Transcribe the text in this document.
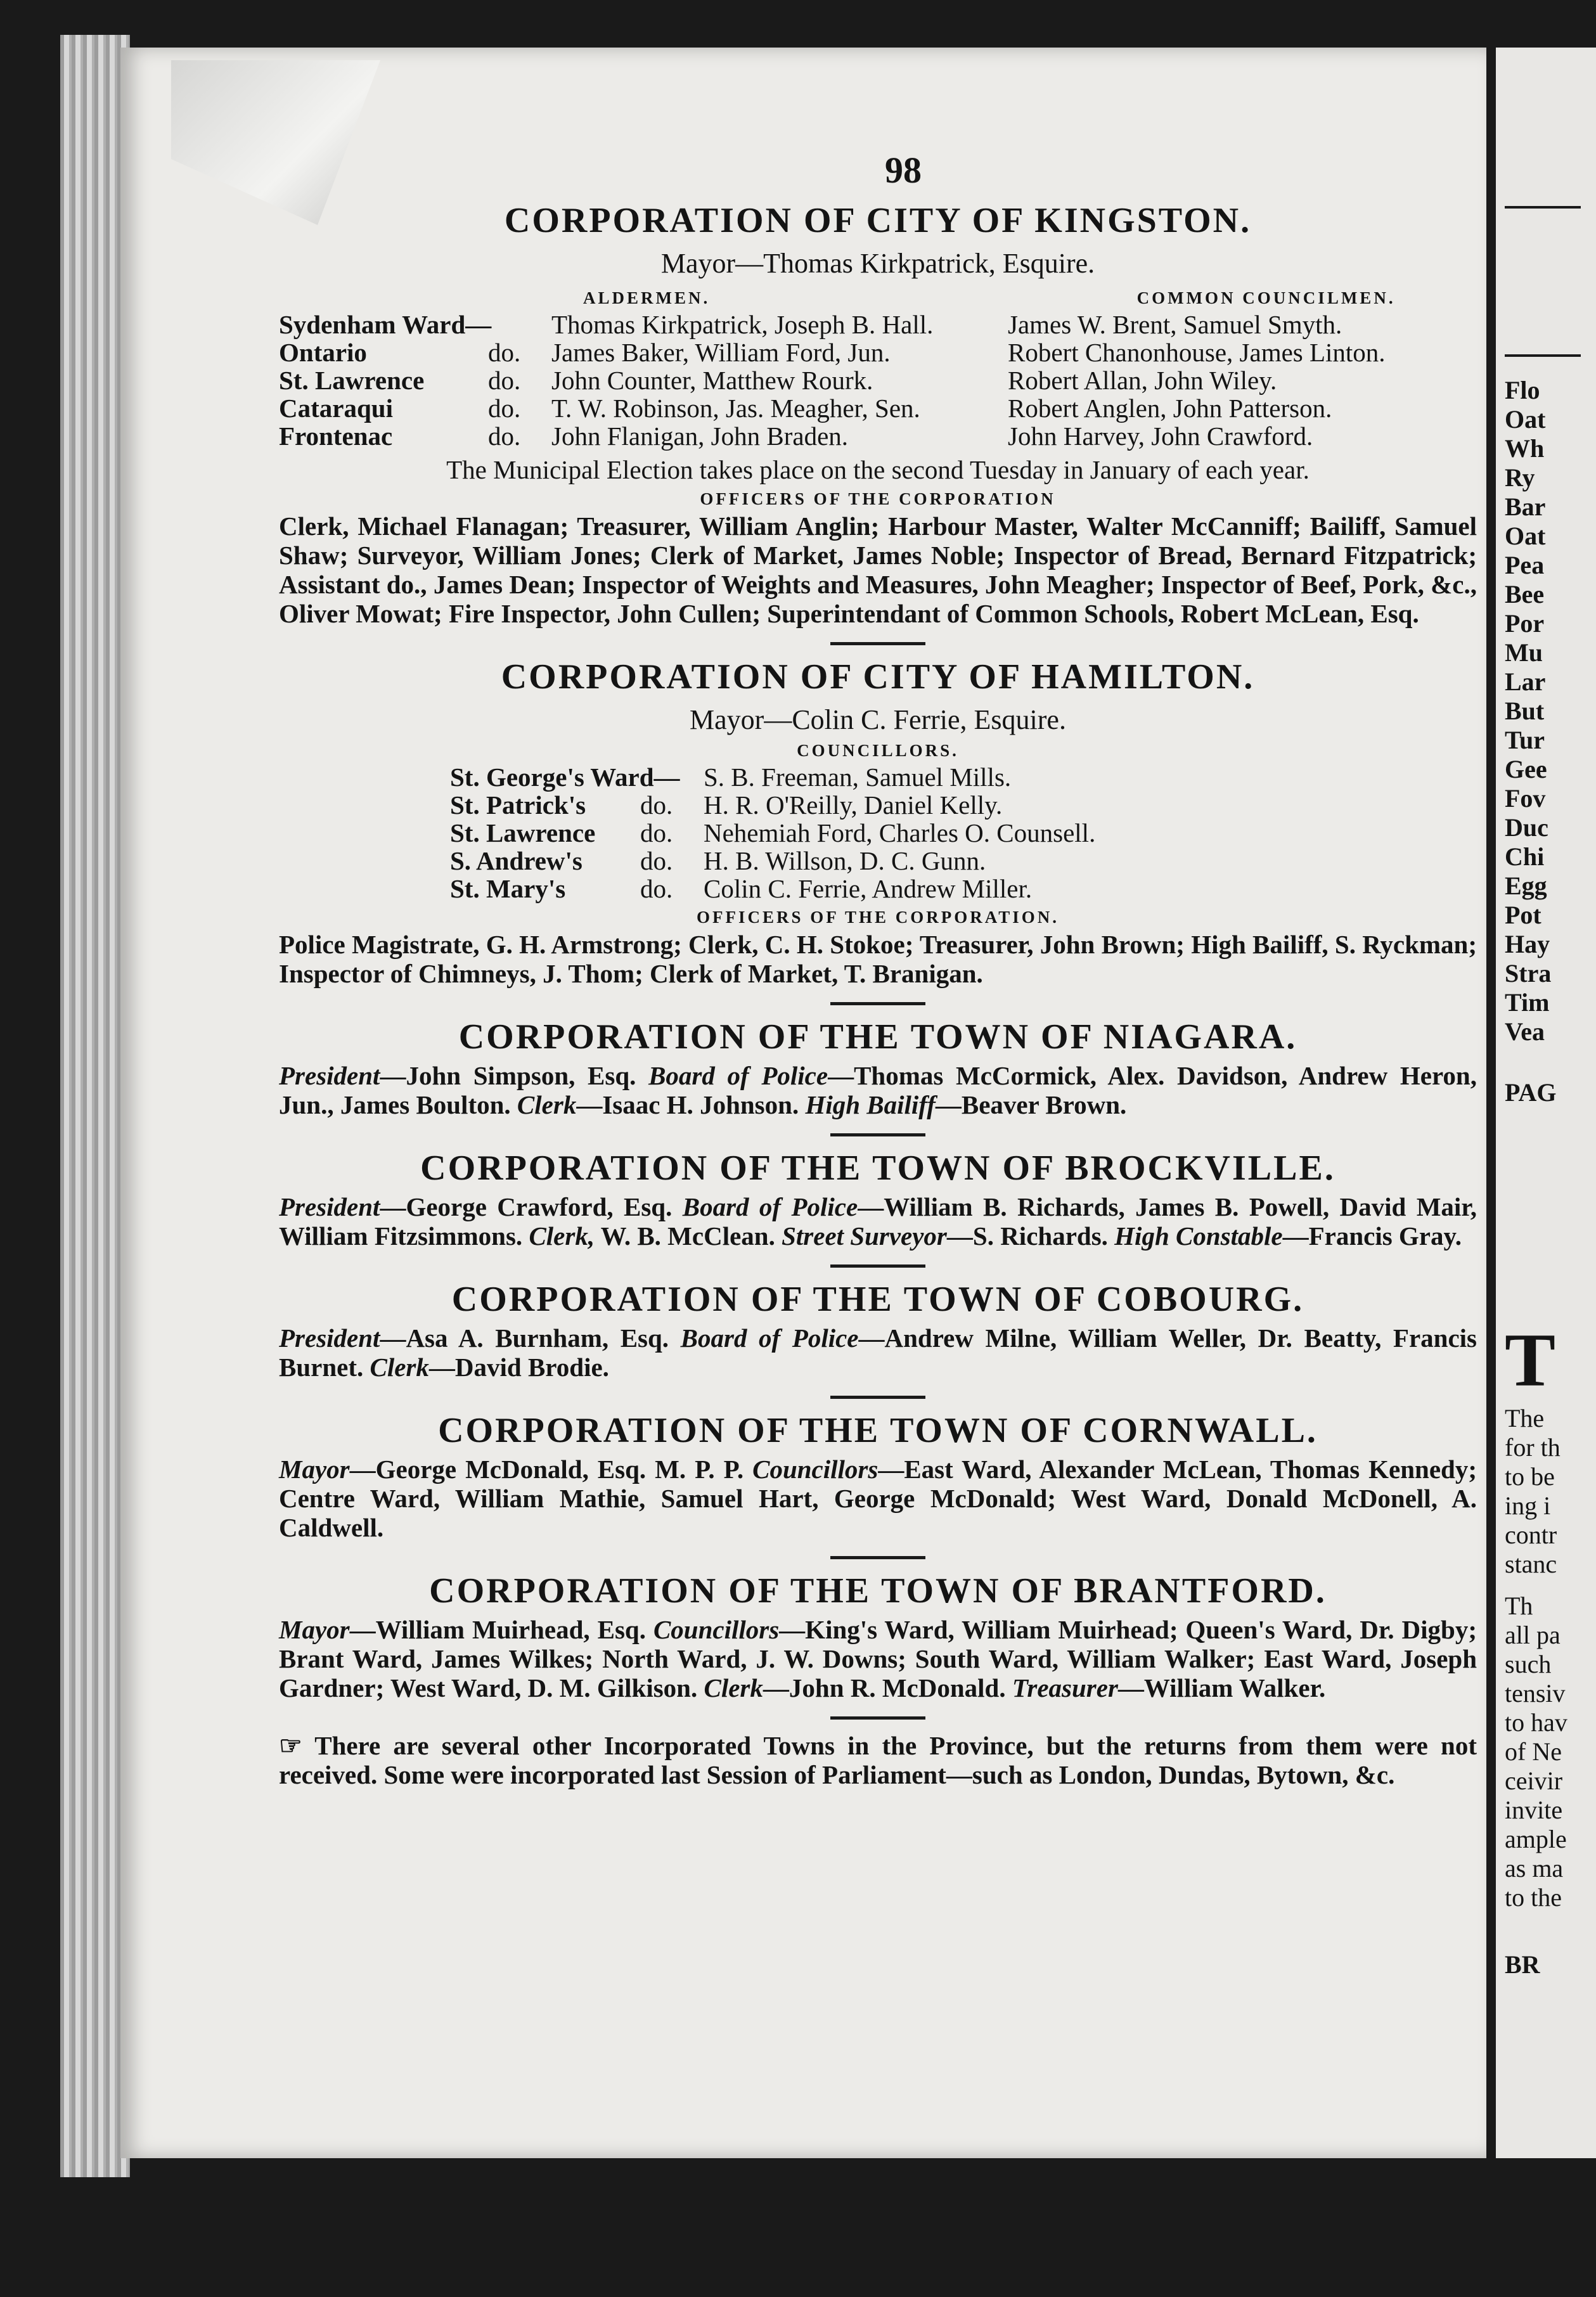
98
CORPORATION OF CITY OF KINGSTON.
Mayor—Thomas Kirkpatrick, Esquire.
ALDERMEN.	COMMON COUNCILMEN.
Sydenham Ward— Thomas Kirkpatrick, Joseph B. Hall.	James W. Brent, Samuel Smyth.
Ontario	do.	James Baker, William Ford, Jun.	Robert Chanonhouse, James Linton.
St. Lawrence	do.	John Counter, Matthew Rourk.	Robert Allan, John Wiley.
Cataraqui	do.	T. W. Robinson, Jas. Meagher, Sen.	Robert Anglen, John Patterson.
Frontenac	do.	John Flanigan, John Braden.	John Harvey, John Crawford.
The Municipal Election takes place on the second Tuesday in January of each year.
OFFICERS OF THE CORPORATION
Clerk, Michael Flanagan; Treasurer, William Anglin; Harbour Master, Walter McCanniff; Bailiff, Samuel Shaw; Surveyor, William Jones; Clerk of Market, James Noble; Inspector of Bread, Bernard Fitzpatrick; Assistant do., James Dean; Inspector of Weights and Measures, John Meagher; Inspector of Beef, Pork, &c., Oliver Mowat; Fire Inspector, John Cullen; Superintendant of Common Schools, Robert McLean, Esq.
CORPORATION OF CITY OF HAMILTON.
Mayor—Colin C. Ferrie, Esquire.
COUNCILLORS.
St. George's Ward— S. B. Freeman, Samuel Mills.
St. Patrick's	do.	H. R. O'Reilly, Daniel Kelly.
St. Lawrence	do.	Nehemiah Ford, Charles O. Counsell.
S. Andrew's	do.	H. B. Willson, D. C. Gunn.
St. Mary's	do.	Colin C. Ferrie, Andrew Miller.
OFFICERS OF THE CORPORATION.
Police Magistrate, G. H. Armstrong; Clerk, C. H. Stokoe; Treasurer, John Brown; High Bailiff, S. Ryckman; Inspector of Chimneys, J. Thom; Clerk of Market, T. Branigan.
CORPORATION OF THE TOWN OF NIAGARA.
President—John Simpson, Esq. Board of Police—Thomas McCormick, Alex. Davidson, Andrew Heron, Jun., James Boulton. Clerk—Isaac H. Johnson. High Bailiff—Beaver Brown.
CORPORATION OF THE TOWN OF BROCKVILLE.
President—George Crawford, Esq. Board of Police—William B. Richards, James B. Powell, David Mair, William Fitzsimmons. Clerk, W. B. McClean. Street Surveyor—S. Richards. High Constable—Francis Gray.
CORPORATION OF THE TOWN OF COBOURG.
President—Asa A. Burnham, Esq. Board of Police—Andrew Milne, William Weller, Dr. Beatty, Francis Burnet. Clerk—David Brodie.
CORPORATION OF THE TOWN OF CORNWALL.
Mayor—George McDonald, Esq. M. P. P. Councillors—East Ward, Alexander McLean, Thomas Kennedy; Centre Ward, William Mathie, Samuel Hart, George McDonald; West Ward, Donald McDonell, A. Caldwell.
CORPORATION OF THE TOWN OF BRANTFORD.
Mayor—William Muirhead, Esq. Councillors—King's Ward, William Muirhead; Queen's Ward, Dr. Digby; Brant Ward, James Wilkes; North Ward, J. W. Downs; South Ward, William Walker; East Ward, Joseph Gardner; West Ward, D. M. Gilkison. Clerk—John R. McDonald. Treasurer—William Walker.
☞ There are several other Incorporated Towns in the Province, but the returns from them were not received. Some were incorporated last Session of Parliament—such as London, Dundas, Bytown, &c.
Flo
Oat
Wh
Ry
Bar
Oat
Pea
Bee
Por
Mu
Lar
But
Tur
Gee
Fov
Duc
Chi
Egg
Pot
Hay
Stra
Tim
Vea
PAG
T
The
for th
to be
ing i
contr
stanc
Th
all pa
such
tensiv
to hav
of Ne
ceivir
invite
ample
as ma
to the
BR
